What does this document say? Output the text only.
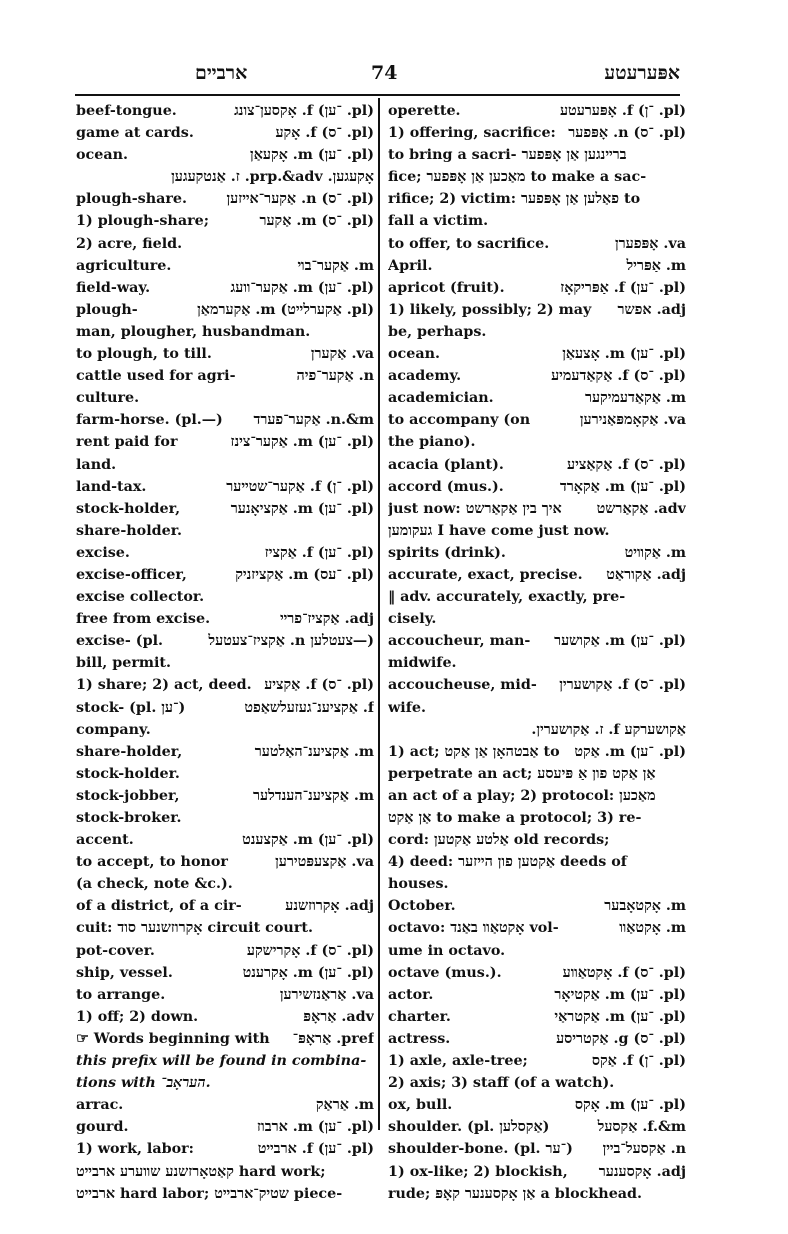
ארבײם	74	אפּערעטע
beef-tongue.	(pl. ־ען) f. אָקסען־צונג
game at cards.	(pl. ־ס) f. אָקע
ocean.	(pl. ־ען) m. אָקעאַן
אָקעגען. prp.&adv. ז. אַנטקעגען
plough-share.	(pl. ־ס) n. אַקער־אײזען
1) plough-share;	(pl. ־ס) m. אַקער
2) acre, field.
agriculture.	m. אַקער־בױ
field-way.	(pl. ־ען) m. אַקער־װעג
plough-	(pl. אַקערלײט) m. אַקערמאַן
man, plougher, husbandman.
to plough, to till.	va. אַקערן
cattle used for agri-	n. אַקער־פיה
culture.
farm-horse. (pl.—) n.&m. אַקער־פערד
rent paid for	(pl. ־ען) m. אַקער־צינז
land.
land-tax.	(pl. ־ן) f. אַקער־שטײער
stock-holder,	(pl. ־ען) m. אַקציאָנער
share-holder.
excise.	(pl. ־ען) f. אַקציז
excise-officer,	(pl. ־עס) m. אַקציזניק
excise collector.
free from excise.	adj. אַקציז־פרײ
excise- (pl.	(—צעטלען n. אַקציז־צעטעל
bill, permit.
1) share; 2) act, deed. (pl. ־ס) f. אַקציע
stock- (pl. ־ען)	f. אַקציענ־געזעלשאַפט
company.
share-holder,	m. אַקציענ־האַלטער
stock-holder.
stock-jobber,	m. אַקציענ־הענדלער
stock-broker.
accent.	(pl. ־ען) m. אַקצענט
to accept, to honor	va. אַקצעפּטירען
(a check, note &c.).
of a district, of a cir-	adj. אָקרוזשנע
cuit: אָקרוזשנער סוד circuit court.
pot-cover.	(pl. ־ס) f. אָקרישקע
ship, vessel.	(pl. ־ען) m. אָקרענט
to arrange.	va. אַראַנזשירען
1) off; 2) down.	adv. אַראָפּ
☞ Words beginning with pref. אַראָפּ־
this prefix will be found in combina-
tions with העראָב־.
arrac.	m. אַראַק
gourd.	(pl. ־ען) m. ארבוז
1) work, labor:	(pl. ־ען) f. ארבײט
קאַטאָרזשנע שװערע ארבײט hard work;
ארבײט hard labor; שטיק־ארבײט piece-
operette.	(pl. ־ן) f. אָפּערעטע
1) offering, sacrifice: (pl. ־ס) n. אָפּפער
to bring a sacri- ברײנגען אַן אָפּפער
fice; מאַכען אַן אָפּפער to make a sac-
rifice; 2) victim: פאַלען אַן אָפּפער to
fall a victim.
to offer, to sacrifice.	va. אָפּפערן
April.	m. אַפּריל
apricot (fruit).	(pl. ־ען) f. אַפּריקאָז
1) likely, possibly; 2) may adj. אפשר
be, perhaps.
ocean.	(pl. ־ען) m. אָצעאַן
academy.	(pl. ־ס) f. אַקאַדעמיע
academician.	m. אַקאַדעמיקער
to accompany (on	va. אַקאָמפּאַנירען
the piano).
acacia (plant).	(pl. ־ס) f. אַקאַציע
accord (mus.).	(pl. ־ען) m. אַקאָרד
just now: איך בין אַקאַרשט adv. אַקאַרשט
געקומען I have come just now.
spirits (drink).	m. אַקװיט
accurate, exact, precise. adj. אַקוראַט
‖ adv. accurately, exactly, pre-
cisely.
accoucheur, man- (pl. ־ען) m. אַקושער
midwife.
accoucheuse, mid- (pl. ־ס) f. אַקושערין
wife.
אַקושערקע f. ז. אַקושערין.
1) act; אַבטהאָן אַן אַקט to (pl. ־ען) m. אַקט
perpetrate an act; אַן אַקט פון אַ פּיעסע
an act of a play; 2) protocol: מאַכען
אַן אַקט to make a protocol; 3) re-
cord: אַלטע אַקטען old records;
4) deed: אַקטען פון הײזער deeds of
houses.
October.	m. אָקטאָבער
octavo: אָקטאַװ באַנד vol-	m. אָקטאַװ
ume in octavo.
octave (mus.).	(pl. ־ס) f. אָקטאַװע
actor.	(pl. ־ען) m. אַקטיאָר
charter.	(pl. ־ען) m. אַקטראַי
actress.	(pl. ־ס) g. אַקטריסע
1) axle, axle-tree;	(pl. ־ן) f. אַקס
2) axis; 3) staff (of a watch).
ox, bull.	(pl. ־ען) m. אָקס
shoulder. (pl. אַקסלען)	f.&m. אַקסעל
shoulder-bone. (pl. ־ער) n. אַקסעל־בײן
1) ox-like; 2) blockish, adj. אָקסענער
rude; אַן אָקסענער קאָפּ a blockhead.
